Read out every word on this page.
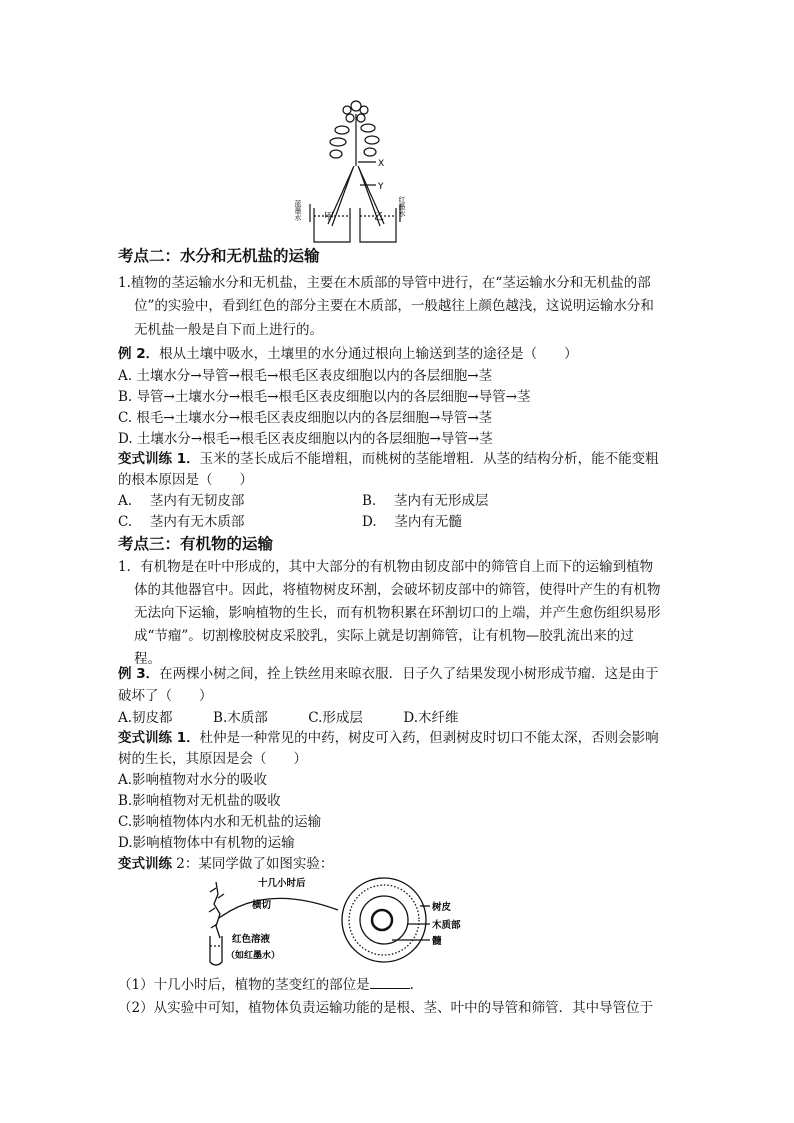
X
Y
甲	乙
蓝墨水	红墨水
考点二：水分和无机盐的运输
1.植物的茎运输水分和无机盐，主要在木质部的导管中进行，在“茎运输水分和无机盐的部
位”的实验中，看到红色的部分主要在木质部，一般越往上颜色越浅，这说明运输水分和
无机盐一般是自下而上进行的。
例 2．根从土壤中吸水，土壤里的水分通过根向上输送到茎的途径是（　　）
A. 土壤水分→导管→根毛→根毛区表皮细胞以内的各层细胞→茎
B. 导管→土壤水分→根毛→根毛区表皮细胞以内的各层细胞→导管→茎
C. 根毛→土壤水分→根毛区表皮细胞以内的各层细胞→导管→茎
D. 土壤水分→根毛→根毛区表皮细胞以内的各层细胞→导管→茎
变式训练 1．玉米的茎长成后不能增粗，而桃树的茎能增粗．从茎的结构分析，能不能变粗
的根本原因是（　　）
A.　 茎内有无韧皮部	B.　 茎内有无形成层
C.　 茎内有无木质部	D.　 茎内有无髓
考点三：有机物的运输
1．有机物是在叶中形成的，其中大部分的有机物由韧皮部中的筛管自上而下的运输到植物
体的其他器官中。因此，将植物树皮环割，会破坏韧皮部中的筛管，使得叶产生的有机物
无法向下运输，影响植物的生长，而有机物积累在环割切口的上端，并产生愈伤组织易形
成“节瘤”。切割橡胶树皮采胶乳，实际上就是切割筛管，让有机物—胶乳流出来的过
程。
例 3．在两棵小树之间，拴上铁丝用来晾衣服．日子久了结果发现小树形成节瘤．这是由于
破坏了（　　）
A.韧皮都　　　B.木质部　　　C.形成层　　　D.木纤维
变式训练 1．杜仲是一种常见的中药，树皮可入药，但剥树皮时切口不能太深，否则会影响
树的生长，其原因是会（　　）
A.影响植物对水分的吸收
B.影响植物对无机盐的吸收
C.影响植物体内水和无机盐的运输
D.影响植物体中有机物的运输
变式训练 2：某同学做了如图实验：
十几小时后
横切
红色溶液
（如红墨水）
树皮
木质部
髓
（1）十几小时后，植物的茎变红的部位是	.
（2）从实验中可知，植物体负责运输功能的是根、茎、叶中的导管和筛管．其中导管位于
